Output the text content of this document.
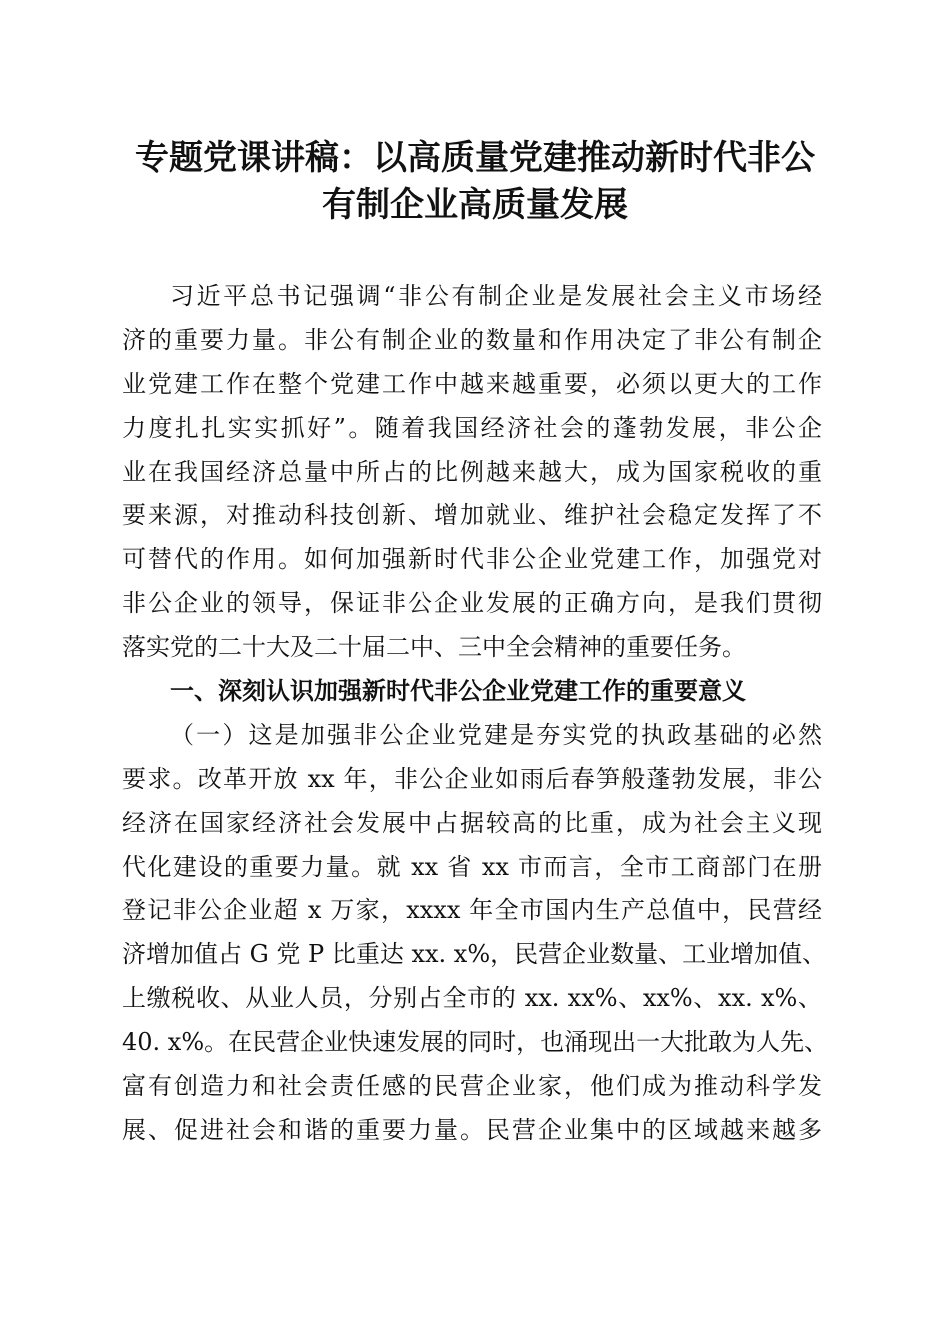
专题党课讲稿：以高质量党建推动新时代非公
有制企业高质量发展
习近平总书记强调“非公有制企业是发展社会主义市场经
济的重要力量。非公有制企业的数量和作用决定了非公有制企
业党建工作在整个党建工作中越来越重要，必须以更大的工作
力度扎扎实实抓好”。随着我国经济社会的蓬勃发展，非公企
业在我国经济总量中所占的比例越来越大，成为国家税收的重
要来源，对推动科技创新、增加就业、维护社会稳定发挥了不
可替代的作用。如何加强新时代非公企业党建工作，加强党对
非公企业的领导，保证非公企业发展的正确方向，是我们贯彻
落实党的二十大及二十届二中、三中全会精神的重要任务。
一、深刻认识加强新时代非公企业党建工作的重要意义
（一）这是加强非公企业党建是夯实党的执政基础的必然
要求。改革开放 xx 年，非公企业如雨后春笋般蓬勃发展，非公
经济在国家经济社会发展中占据较高的比重，成为社会主义现
代化建设的重要力量。就 xx 省 xx 市而言，全市工商部门在册
登记非公企业超 x 万家，xxxx 年全市国内生产总值中，民营经
济增加值占 G 党 P 比重达 xx. x%，民营企业数量、工业增加值、
上缴税收、从业人员，分别占全市的 xx. xx%、xx%、xx. x%、
40. x%。在民营企业快速发展的同时，也涌现出一大批敢为人先、
富有创造力和社会责任感的民营企业家，他们成为推动科学发
展、促进社会和谐的重要力量。民营企业集中的区域越来越多
